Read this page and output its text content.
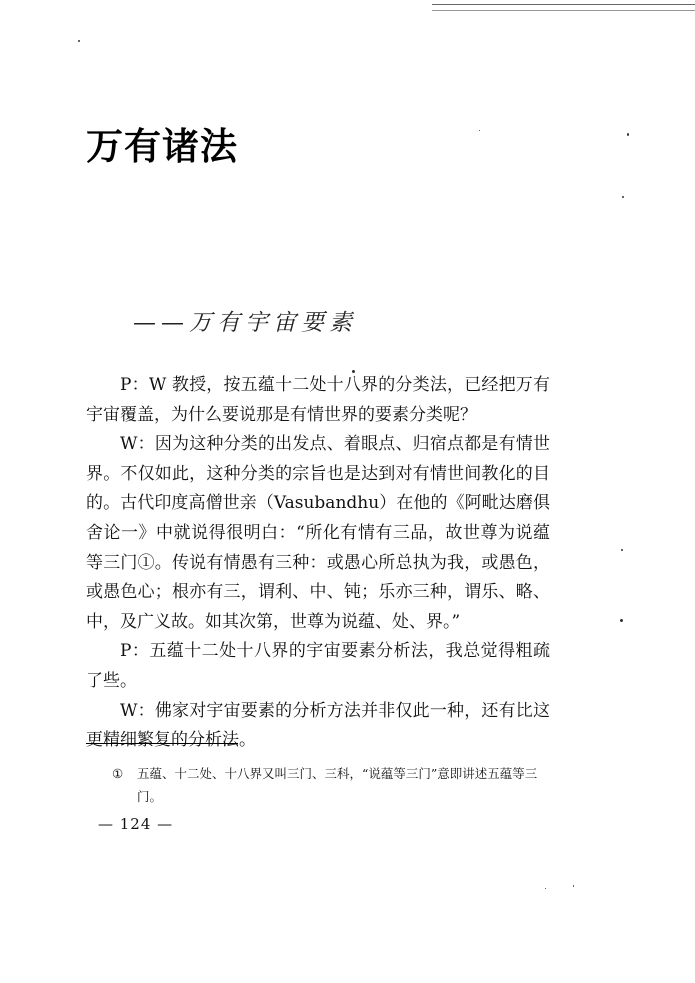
万有诸法
——万有宇宙要素

P：W 教授，按五蕴十二处十八界的分类法，已经把万有宇宙覆盖，为什么要说那是有情世界的要素分类呢？

W：因为这种分类的出发点、着眼点、归宿点都是有情世界。不仅如此，这种分类的宗旨也是达到对有情世间教化的目的。古代印度高僧世亲（Vasubandhu）在他的《阿毗达磨俱舍论一》中就说得很明白：“所化有情有三品，故世尊为说蕴等三门①。传说有情愚有三种：或愚心所总执为我，或愚色，或愚色心；根亦有三，谓利、中、钝；乐亦三种，谓乐、略、中，及广义故。如其次第，世尊为说蕴、处、界。”

P：五蕴十二处十八界的宇宙要素分析法，我总觉得粗疏了些。

W：佛家对宇宙要素的分析方法并非仅此一种，还有比这更精细繁复的分析法。

① 五蕴、十二处、十八界又叫三门、三科，“说蕴等三门”意即讲述五蕴等三门。
— 124 —
